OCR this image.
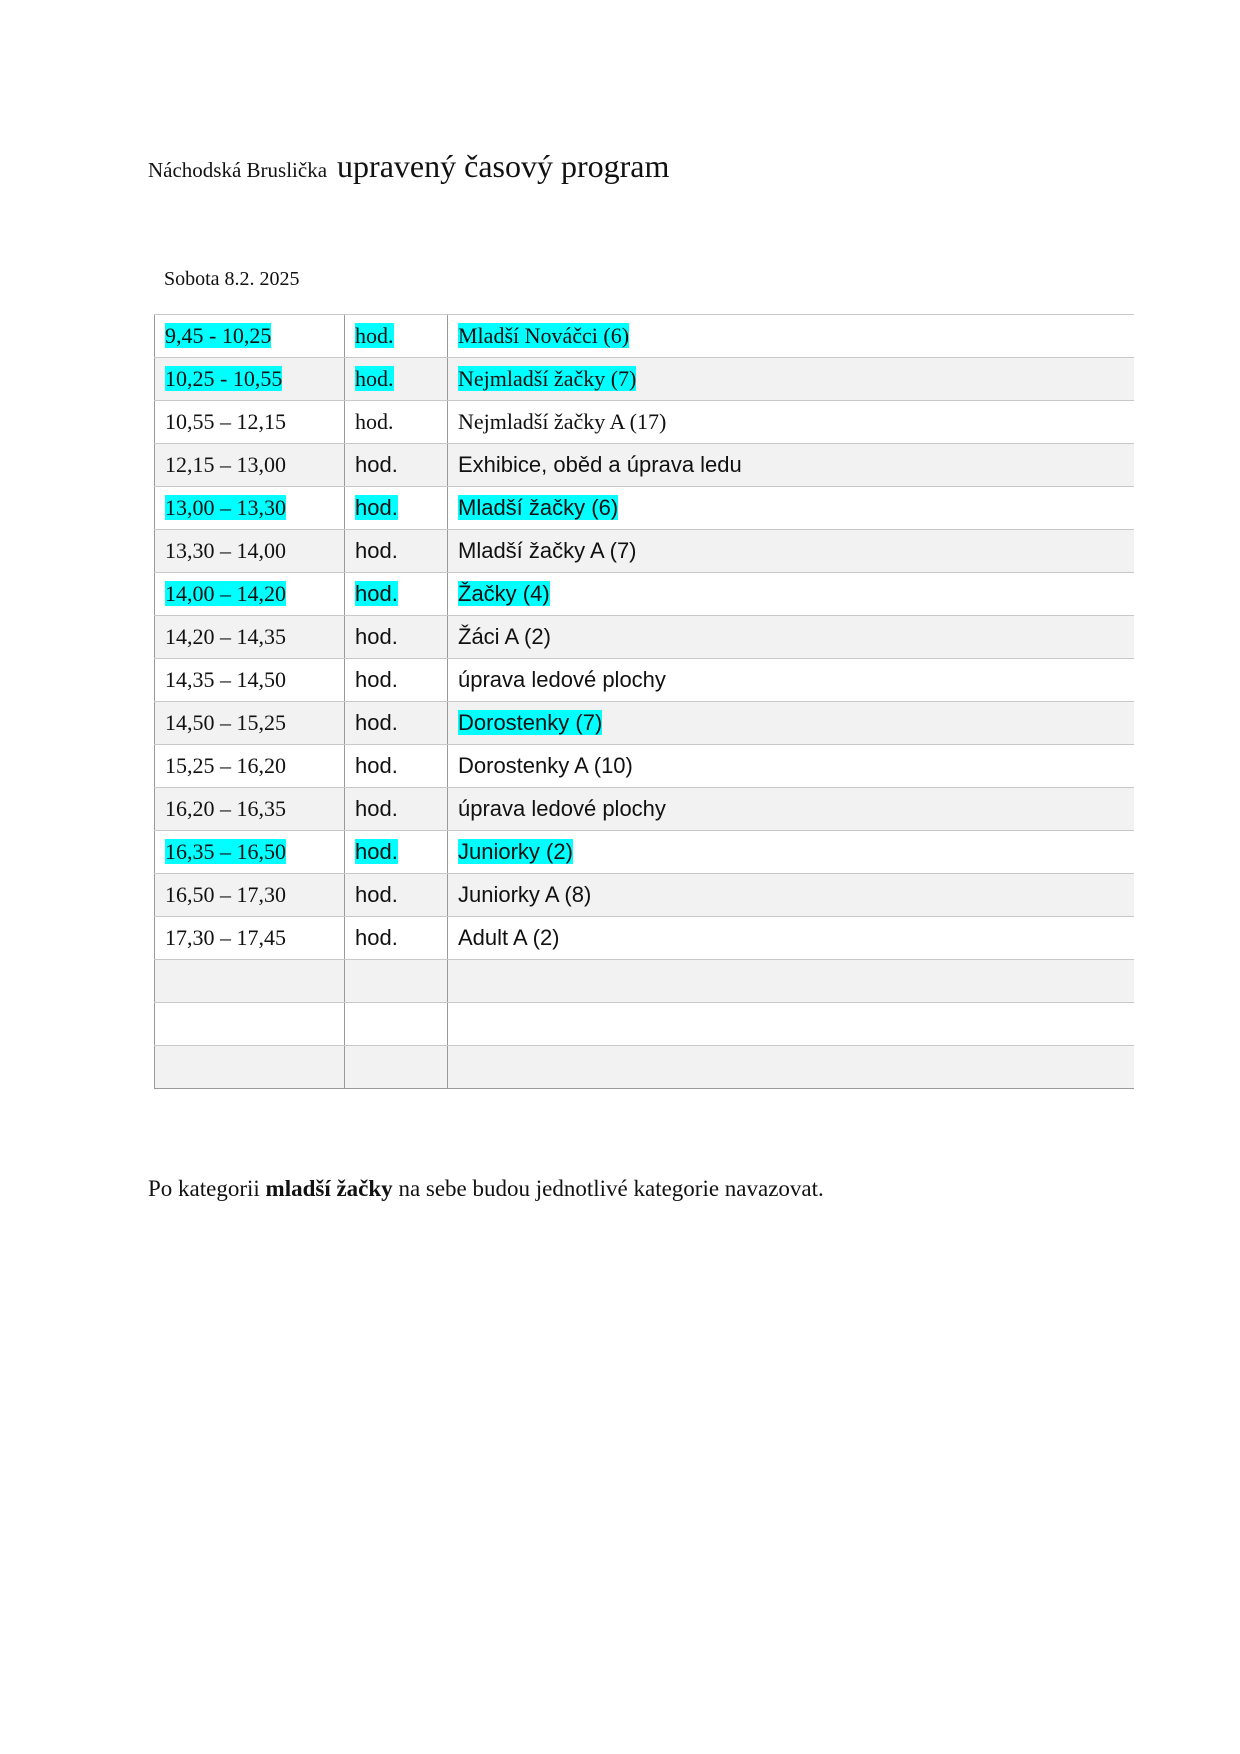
Náchodská Bruslička upravený časový program
Sobota 8.2. 2025
9,45 - 10,25	hod.	Mladší Nováčci (6)
10,25 - 10,55	hod.	Nejmladší žačky (7)
10,55 – 12,15	hod.	Nejmladší žačky A (17)
12,15 – 13,00	hod.	Exhibice, oběd a úprava ledu
13,00 – 13,30	hod.	Mladší žačky (6)
13,30 – 14,00	hod.	Mladší žačky A (7)
14,00 – 14,20	hod.	Žačky (4)
14,20 – 14,35	hod.	Žáci A (2)
14,35 – 14,50	hod.	úprava ledové plochy
14,50 – 15,25	hod.	Dorostenky (7)
15,25 – 16,20	hod.	Dorostenky A (10)
16,20 – 16,35	hod.	úprava ledové plochy
16,35 – 16,50	hod.	Juniorky (2)
16,50 – 17,30	hod.	Juniorky A (8)
17,30 – 17,45	hod.	Adult A (2)

Po kategorii mladší žačky na sebe budou jednotlivé kategorie navazovat.
